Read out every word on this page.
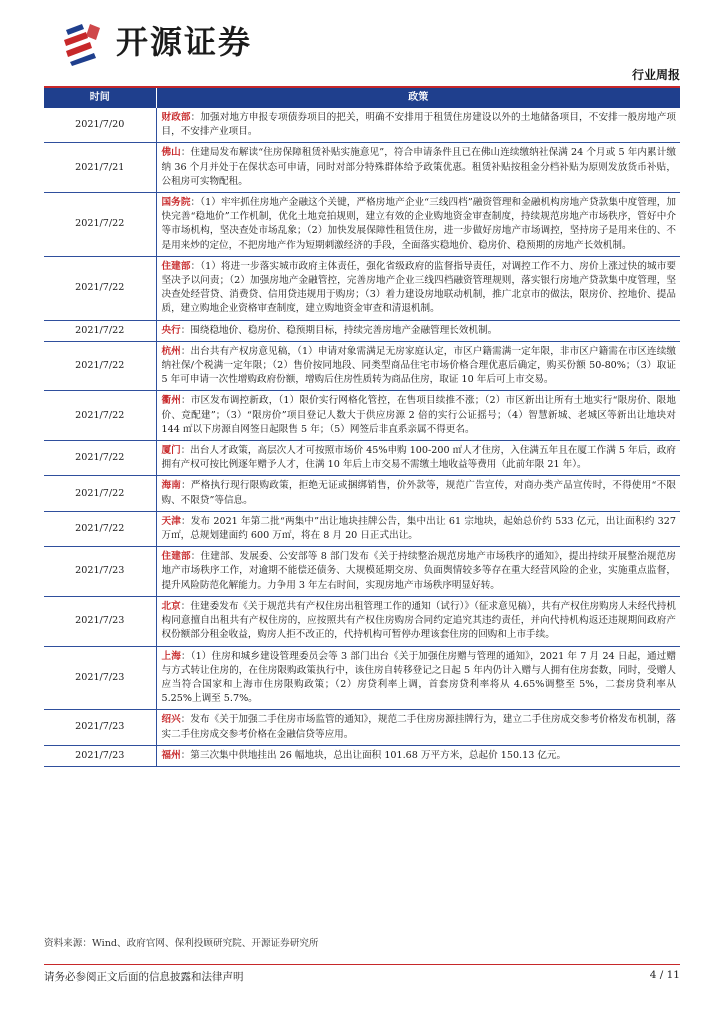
开源证券
行业周报
时间	政策
2021/7/20	财政部：加强对地方申报专项债券项目的把关，明确不安排用于租赁住房建设以外的土地储备项目，不安排一般房地产项目，不安排产业项目。
2021/7/21	佛山：住建局发布解读“住房保障租赁补贴实施意见”，符合申请条件且已在佛山连续缴纳社保满 24 个月或 5 年内累计缴纳 36 个月并处于在保状态可申请，同时对部分特殊群体给予政策优惠。租赁补贴按租金分档补贴为原则发放货币补贴，公租房可实物配租。
2021/7/22	国务院：（1）牢牢抓住房地产金融这个关键，严格房地产企业“三线四档”融资管理和金融机构房地产贷款集中度管理，加快完善“稳地价”工作机制，优化土地竞拍规则，建立有效的企业购地资金审查制度，持续规范房地产市场秩序，管好中介等市场机构，坚决查处市场乱象；（2）加快发展保障性租赁住房，进一步做好房地产市场调控，坚持房子是用来住的、不是用来炒的定位，不把房地产作为短期刺激经济的手段，全面落实稳地价、稳房价、稳预期的房地产长效机制。
2021/7/22	住建部：（1）将进一步落实城市政府主体责任，强化省级政府的监督指导责任，对调控工作不力、房价上涨过快的城市要坚决予以问责；（2）加强房地产金融管控，完善房地产企业三线四档融资管理规则，落实银行房地产贷款集中度管理，坚决查处经营贷、消费贷、信用贷违规用于购房；（3）着力建设房地联动机制，推广北京市的做法，限房价、控地价、提品质，建立购地企业资格审查制度，建立购地资金审查和清退机制。
2021/7/22	央行：围绕稳地价、稳房价、稳预期目标，持续完善房地产金融管理长效机制。
2021/7/22	杭州：出台共有产权房意见稿，（1）申请对象需满足无房家庭认定，市区户籍需满一定年限，非市区户籍需在市区连续缴纳社保/个税满一定年限；（2）售价按同地段、同类型商品住宅市场价格合理优惠后确定，购买份额 50-80%；（3）取证 5 年可申请一次性增购政府份额，增购后住房性质转为商品住房，取证 10 年后可上市交易。
2021/7/22	衢州：市区发布调控新政，（1）限价实行网格化管控，在售项目续推不涨；（2）市区新出让所有土地实行“限房价、限地价、竞配建”；（3）“限房价”项目登记人数大于供应房源 2 倍的实行公证摇号；（4）智慧新城、老城区等新出让地块对 144 ㎡以下房源自网签日起限售 5 年；（5）网签后非直系亲属不得更名。
2021/7/22	厦门：出台人才政策，高层次人才可按照市场价 45%申购 100-200 ㎡人才住房，入住满五年且在厦工作满 5 年后，政府拥有产权可按比例逐年赠予人才，住满 10 年后上市交易不需缴土地收益等费用（此前年限 21 年）。
2021/7/22	海南：严格执行现行限购政策，拒绝无证或捆绑销售，价外款等，规范广告宣传，对商办类产品宣传时，不得使用“不限购、不限贷”等信息。
2021/7/22	天津：发布 2021 年第二批“两集中”出让地块挂牌公告，集中出让 61 宗地块，起始总价约 533 亿元，出让面积约 327 万㎡，总规划建面约 600 万㎡，将在 8 月 20 日正式出让。
2021/7/23	住建部：住建部、发展委、公安部等 8 部门发布《关于持续整治规范房地产市场秩序的通知》，提出持续开展整治规范房地产市场秩序工作，对逾期不能偿还债务、大规模延期交房、负面舆情较多等存在重大经营风险的企业，实施重点监督，提升风险防范化解能力。力争用 3 年左右时间，实现房地产市场秩序明显好转。
2021/7/23	北京：住建委发布《关于规范共有产权住房出租管理工作的通知（试行）》（征求意见稿），共有产权住房购房人未经代持机构同意擅自出租共有产权住房的，应按照共有产权住房购房合同约定追究其违约责任，并向代持机构返还违规期间政府产权份额部分租金收益，购房人拒不改正的，代持机构可暂停办理该套住房的回购和上市手续。
2021/7/23	上海：（1）住房和城乡建设管理委员会等 3 部门出台《关于加强住房赠与管理的通知》，2021 年 7 月 24 日起，通过赠与方式转让住房的，在住房限购政策执行中，该住房自转移登记之日起 5 年内仍计入赠与人拥有住房套数，同时，受赠人应当符合国家和上海市住房限购政策；（2）房贷利率上调，首套房贷利率将从 4.65%调整至 5%，二套房贷利率从 5.25%上调至 5.7%。
2021/7/23	绍兴：发布《关于加强二手住房市场监管的通知》，规范二手住房房源挂牌行为，建立二手住房成交参考价格发布机制，落实二手住房成交参考价格在金融信贷等应用。
2021/7/23	福州：第三次集中供地挂出 26 幅地块，总出让面积 101.68 万平方米，总起价 150.13 亿元。
资料来源：Wind、政府官网、保利投顾研究院、开源证券研究所
请务必参阅正文后面的信息披露和法律声明	4 / 11
